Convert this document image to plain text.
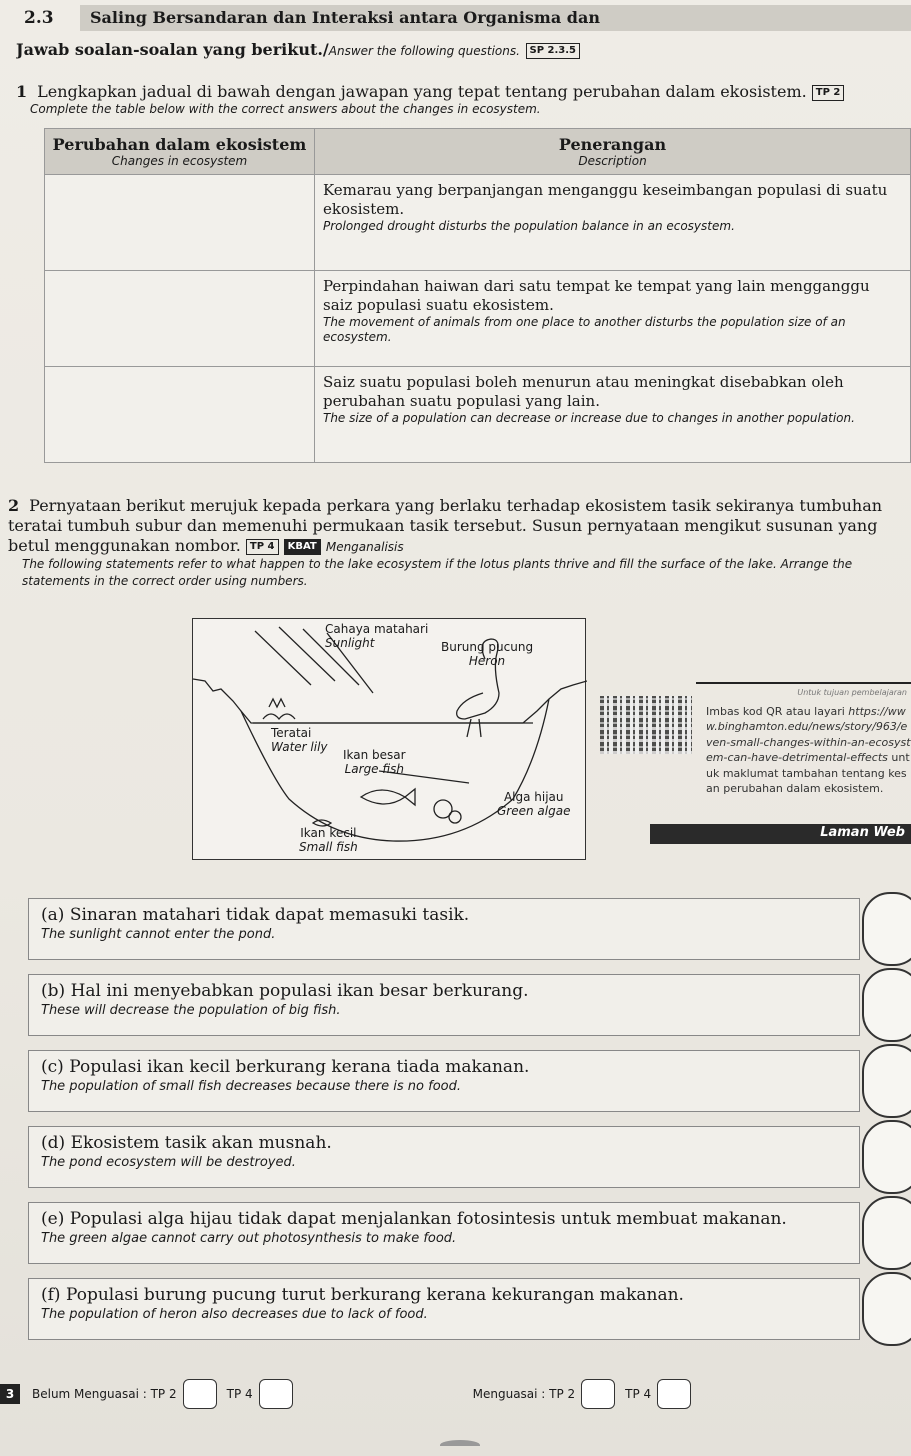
2.3	Saling Bersandaran dan Interaksi antara Organisma dan
Jawab soalan-soalan yang berikut./Answer the following questions. SP 2.3.5
1 Lengkapkan jadual di bawah dengan jawapan yang tepat tentang perubahan dalam ekosistem. TP 2
Complete the table below with the correct answers about the changes in ecosystem.
Perubahan dalam ekosistem
Changes in ecosystem	Penerangan
Description

	Kemarau yang berpanjangan menganggu keseimbangan populasi di suatu ekosistem.
Prolonged drought disturbs the population balance in an ecosystem.

	Perpindahan haiwan dari satu tempat ke tempat yang lain mengganggu saiz populasi suatu ekosistem.
The movement of animals from one place to another disturbs the population size of an ecosystem.

	Saiz suatu populasi boleh menurun atau meningkat disebabkan oleh perubahan suatu populasi yang lain.
The size of a population can decrease or increase due to changes in another population.
2 Pernyataan berikut merujuk kepada perkara yang berlaku terhadap ekosistem tasik sekiranya tumbuhan teratai tumbuh subur dan memenuhi permukaan tasik tersebut. Susun pernyataan mengikut susunan yang betul menggunakan nombor. TP 4 KBAT Menganalisis
The following statements refer to what happen to the lake ecosystem if the lotus plants thrive and fill the surface of the lake. Arrange the statements in the correct order using numbers.
Cahaya matahari
Sunlight	Burung pucung
Heron
Teratai
Water lily
Ikan besar
Large fish
Ikan kecil
Small fish
Alga hijau
Green algae
Untuk tujuan pembelajaran
Imbas kod QR atau layari https://www.binghamton.edu/news/story/963/even-small-changes-within-an-ecosystem-can-have-detrimental-effects untuk maklumat tambahan tentang kesan perubahan dalam ekosistem.
Laman Web
(a) Sinaran matahari tidak dapat memasuki tasik.
The sunlight cannot enter the pond.
(b) Hal ini menyebabkan populasi ikan besar berkurang.
These will decrease the population of big fish.
(c) Populasi ikan kecil berkurang kerana tiada makanan.
The population of small fish decreases because there is no food.
(d) Ekosistem tasik akan musnah.
The pond ecosystem will be destroyed.
(e) Populasi alga hijau tidak dapat menjalankan fotosintesis untuk membuat makanan.
The green algae cannot carry out photosynthesis to make food.
(f) Populasi burung pucung turut berkurang kerana kekurangan makanan.
The population of heron also decreases due to lack of food.
3	Belum Menguasai : TP 2	TP 4	Menguasai : TP 2	TP 4
